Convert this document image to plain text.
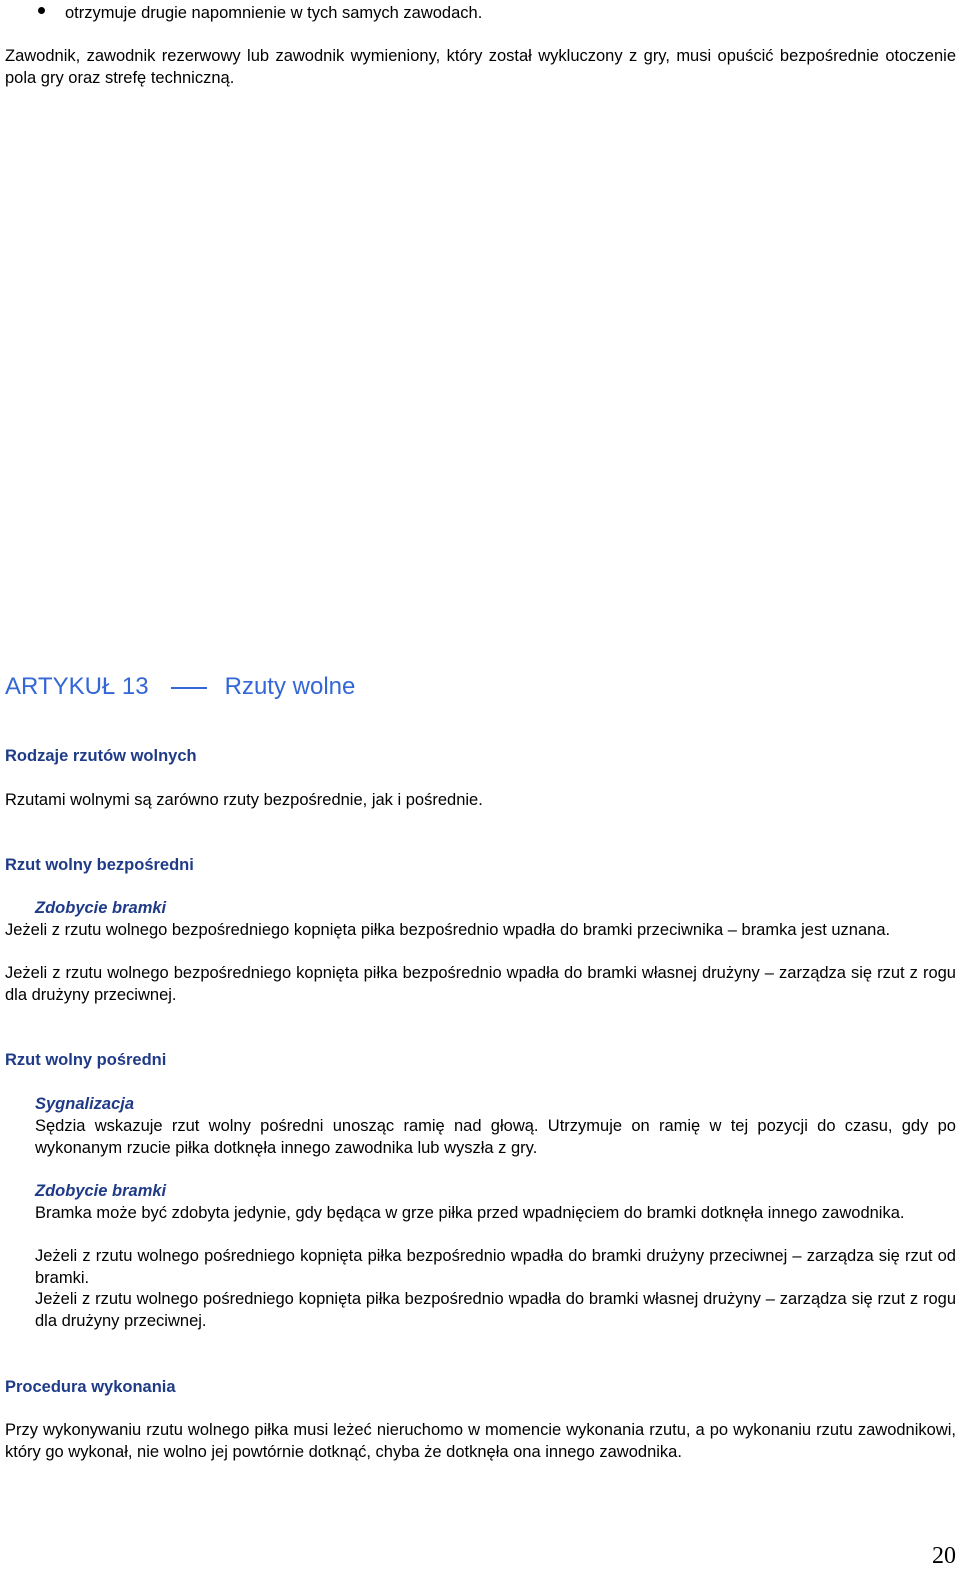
otrzymuje drugie napomnienie w tych samych zawodach.

Zawodnik, zawodnik rezerwowy lub zawodnik wymieniony, który został wykluczony z gry, musi opuścić bezpośrednie otoczenie pola gry oraz strefę techniczną.

ARTYKUŁ 13	Rzuty wolne

Rodzaje rzutów wolnych

Rzutami wolnymi są zarówno rzuty bezpośrednie, jak i pośrednie.

Rzut wolny bezpośredni

Zdobycie bramki

Jeżeli z rzutu wolnego bezpośredniego kopnięta piłka bezpośrednio wpadła do bramki przeciwnika – bramka jest uznana.

Jeżeli z rzutu wolnego bezpośredniego kopnięta piłka bezpośrednio wpadła do bramki własnej drużyny – zarządza się rzut z rogu dla drużyny przeciwnej.

Rzut wolny pośredni

Sygnalizacja

Sędzia wskazuje rzut wolny pośredni unosząc ramię nad głową. Utrzymuje on ramię w tej pozycji do czasu, gdy po wykonanym rzucie piłka dotknęła innego zawodnika lub wyszła z gry.

Zdobycie bramki

Bramka może być zdobyta jedynie, gdy będąca w grze piłka przed wpadnięciem do bramki dotknęła innego zawodnika.

Jeżeli z rzutu wolnego pośredniego kopnięta piłka bezpośrednio wpadła do bramki drużyny przeciwnej – zarządza się rzut od bramki.

Jeżeli z rzutu wolnego pośredniego kopnięta piłka bezpośrednio wpadła do bramki własnej drużyny – zarządza się rzut z rogu dla drużyny przeciwnej.

Procedura wykonania

Przy wykonywaniu rzutu wolnego piłka musi leżeć nieruchomo w momencie wykonania rzutu, a po wykonaniu rzutu zawodnikowi, który go wykonał, nie wolno jej powtórnie dotknąć, chyba że dotknęła ona innego zawodnika.

20
